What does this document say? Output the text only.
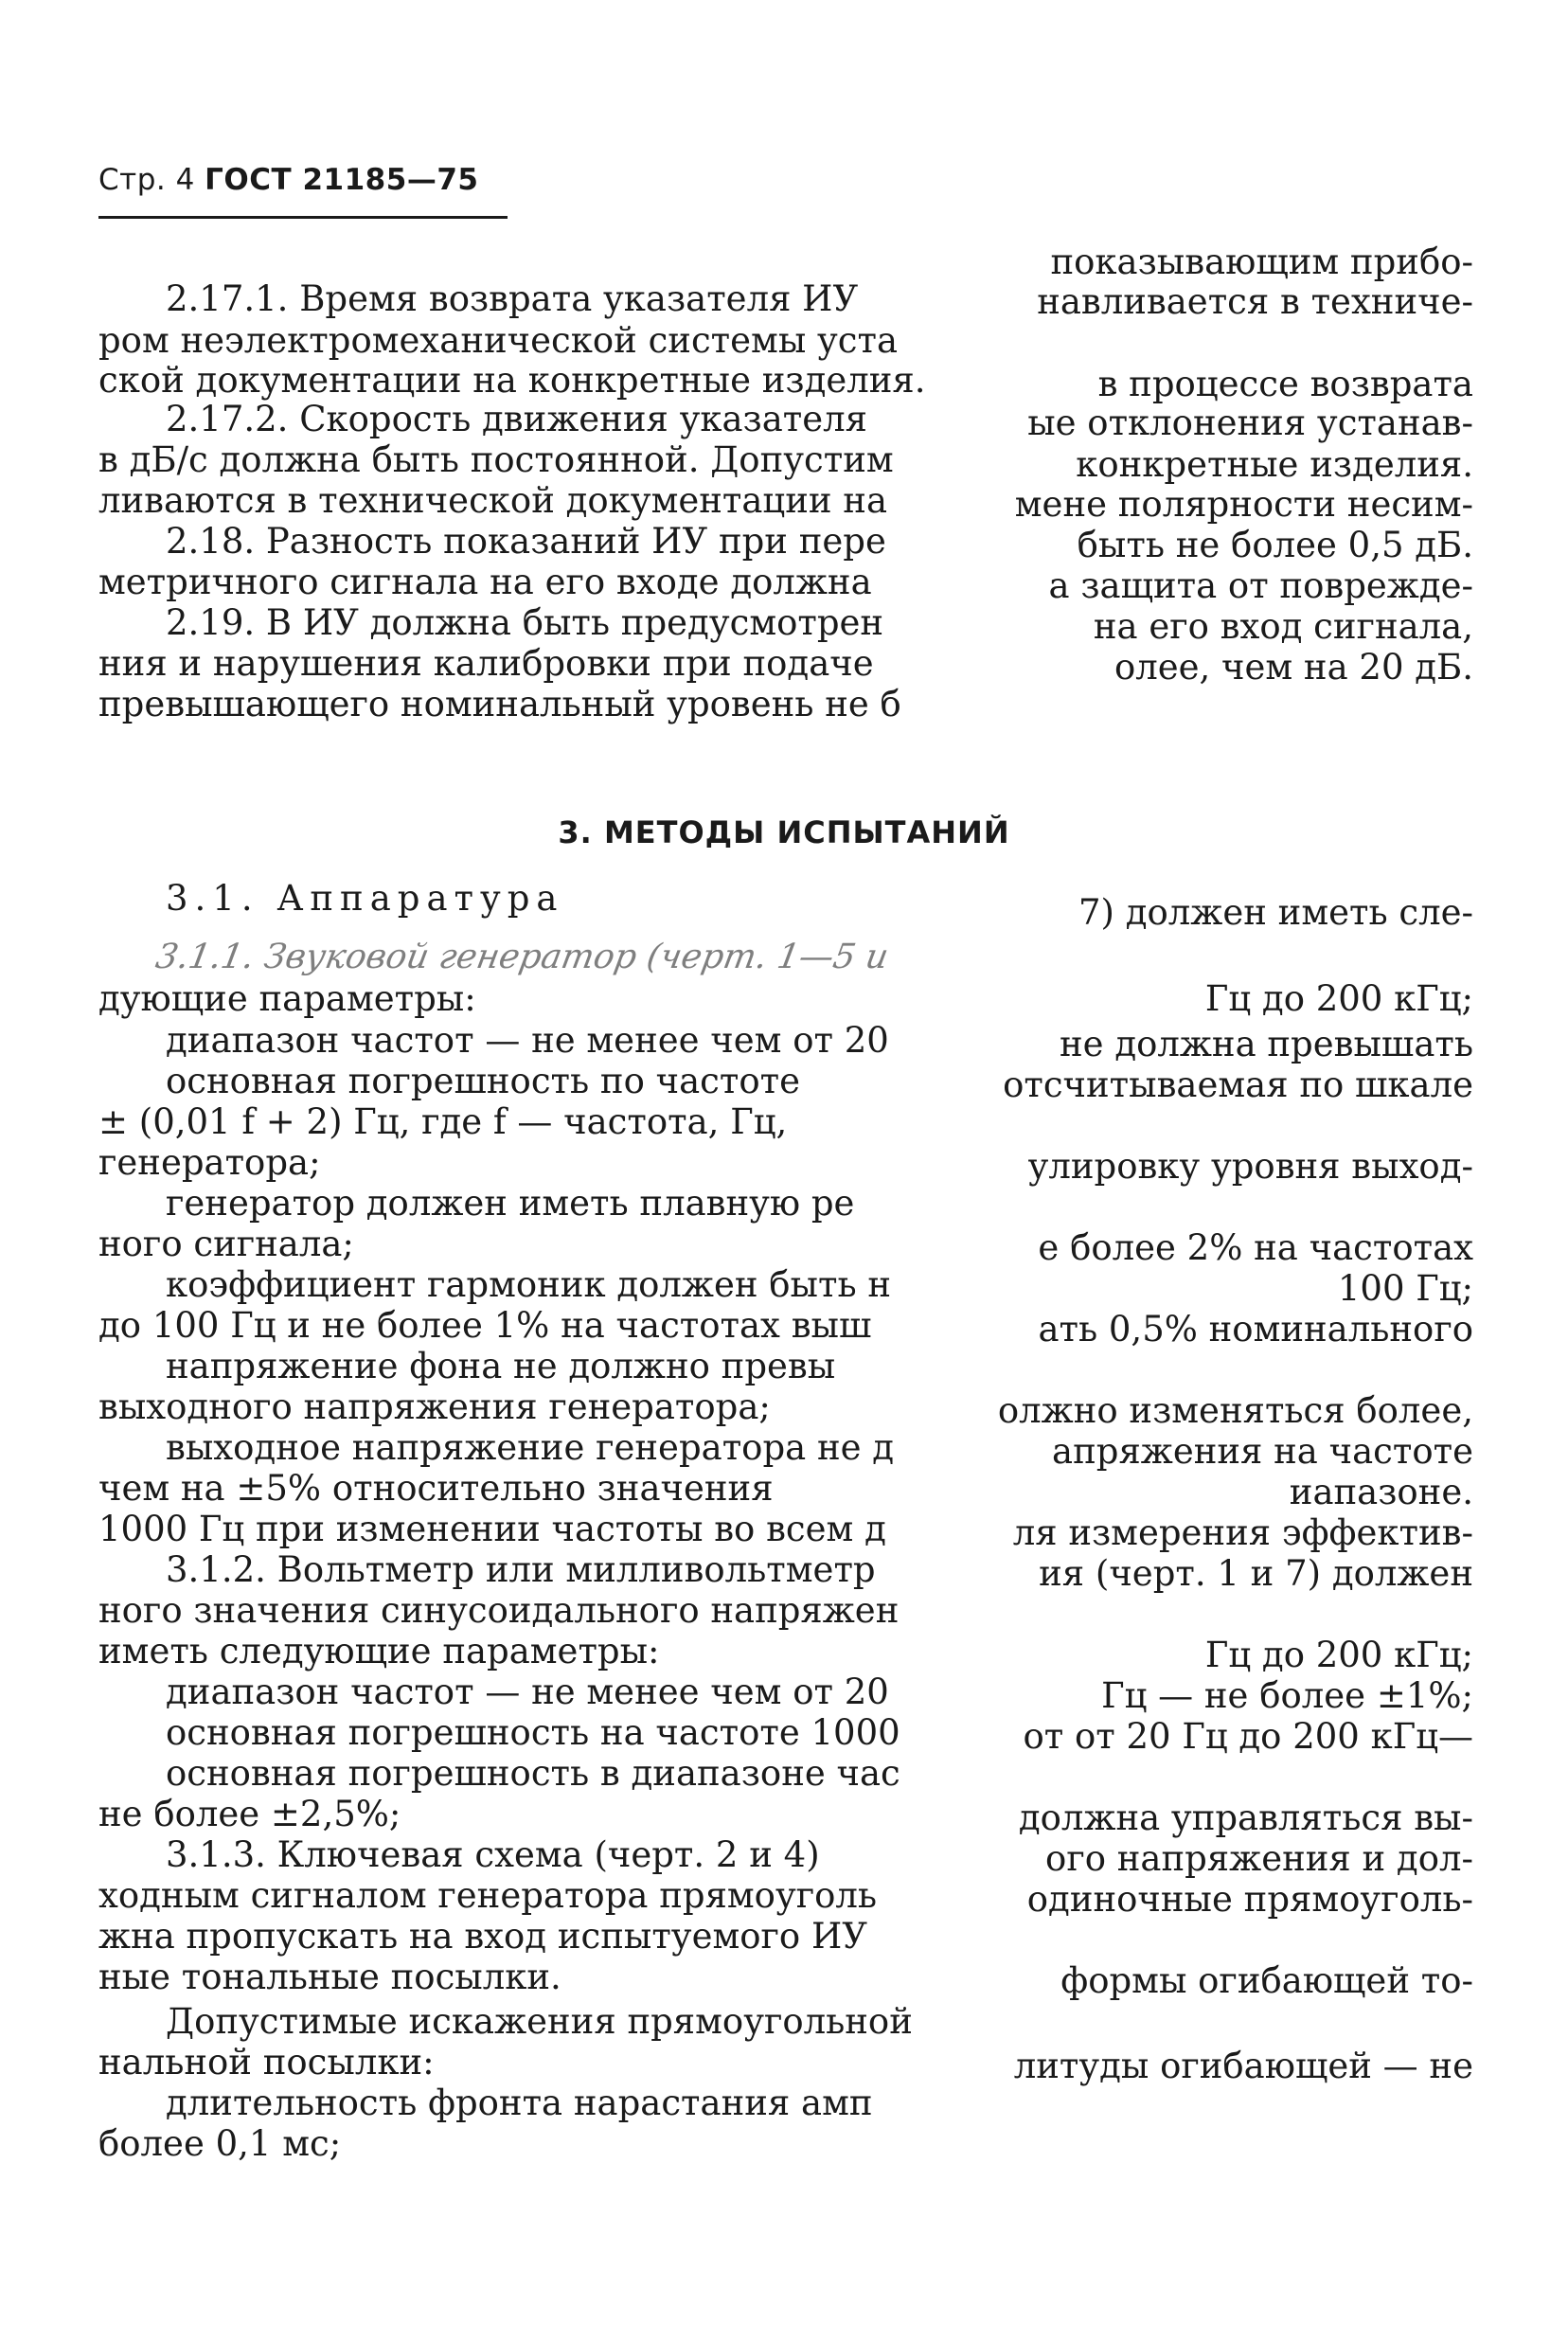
Стр. 4 ГОСТ 21185—75
показывающим прибо-
2.17.1. Время возврата указателя ИУ	навливается в техниче-
ром неэлектромеханической системы уста
ской документации на конкретные изделия.	в процессе возврата
2.17.2. Скорость движения указателя	ые отклонения устанав-
в дБ/с должна быть постоянной. Допустим	конкретные изделия.
ливаются в технической документации на	мене полярности несим-
2.18. Разность показаний ИУ при пере	быть не более 0,5 дБ.
метричного сигнала на его входе должна	а защита от поврежде-
2.19. В ИУ должна быть предусмотрен	на его вход сигнала,
ния и нарушения калибровки при подаче	олее, чем на 20 дБ.
превышающего номинальный уровень не б
3. МЕТОДЫ ИСПЫТАНИЙ
3.1. Аппаратура	7) должен иметь сле-
3.1.1. Звуковой генератор (черт. 1—5 и
дующие параметры:	Гц до 200 кГц;
диапазон частот — не менее чем от 20	не должна превышать
основная погрешность по частоте	отсчитываемая по шкале
± (0,01 f + 2) Гц, где f — частота, Гц,
генератора;	улировку уровня выход-
генератор должен иметь плавную ре
ного сигнала;	е более 2% на частотах
коэффициент гармоник должен быть н	100 Гц;
до 100 Гц и не более 1% на частотах выш	ать 0,5% номинального
напряжение фона не должно превы
выходного напряжения генератора;	олжно изменяться более,
выходное напряжение генератора не д	апряжения на частоте
чем на ±5% относительно значения	иапазоне.
1000 Гц при изменении частоты во всем д	ля измерения эффектив-
3.1.2. Вольтметр или милливольтметр	ия (черт. 1 и 7) должен
ного значения синусоидального напряжен
иметь следующие параметры:	Гц до 200 кГц;
диапазон частот — не менее чем от 20	Гц — не более ±1%;
основная погрешность на частоте 1000	от от 20 Гц до 200 кГц—
основная погрешность в диапазоне час
не более ±2,5%;	должна управляться вы-
3.1.3. Ключевая схема (черт. 2 и 4)	ого напряжения и дол-
ходным сигналом генератора прямоуголь	одиночные прямоуголь-
жна пропускать на вход испытуемого ИУ
ные тональные посылки.	формы огибающей то-
Допустимые искажения прямоугольной
нальной посылки:	литуды огибающей — не
длительность фронта нарастания амп
более 0,1 мс;
